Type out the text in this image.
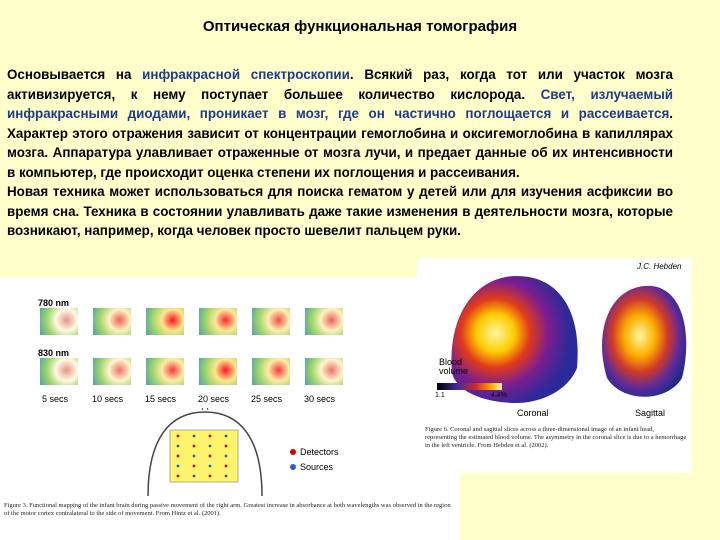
Оптическая функциональная томография
Основывается на инфракрасной спектроскопии. Всякий раз, когда тот или участок мозга активизируется, к нему поступает большее количество кислорода. Свет, излучаемый инфракрасными диодами, проникает в мозг, где он частично поглощается и рассеивается. Характер этого отражения зависит от концентрации гемоглобина и оксигемоглобина в капиллярах мозга. Аппаратура улавливает отраженные от мозга лучи, и предает данные об их интенсивности в компьютер, где происходит оценка степени их поглощения и рассеивания.
Новая техника может использоваться для поиска гематом у детей или для изучения асфиксии во время сна. Техника в состоянии улавливать даже такие изменения в деятельности мозга, которые возникают, например, когда человек просто шевелит пальцем руки.
780 nm
830 nm
5 secs	10 secs 15 secs 20 secs 25 secs 30 secs
Detectors
Sources
Figure 3. Functional mapping of the infant brain during passive movement of the right arm. Greatest increase in absorbance at both wavelengths was observed in the region of the motor cortex contralateral to the side of movement. From Hintz et al. (2001).
J.C. Hebden
Blood volume
1.1	4.4%
Coronal	Sagittal
Figure 6. Coronal and sagittal slices across a three-dimensional image of an infant head, representing the estimated blood volume. The asymmetry in the coronal slice is due to a hemorrhage in the left ventricle. From Hebden et al. (2002).
